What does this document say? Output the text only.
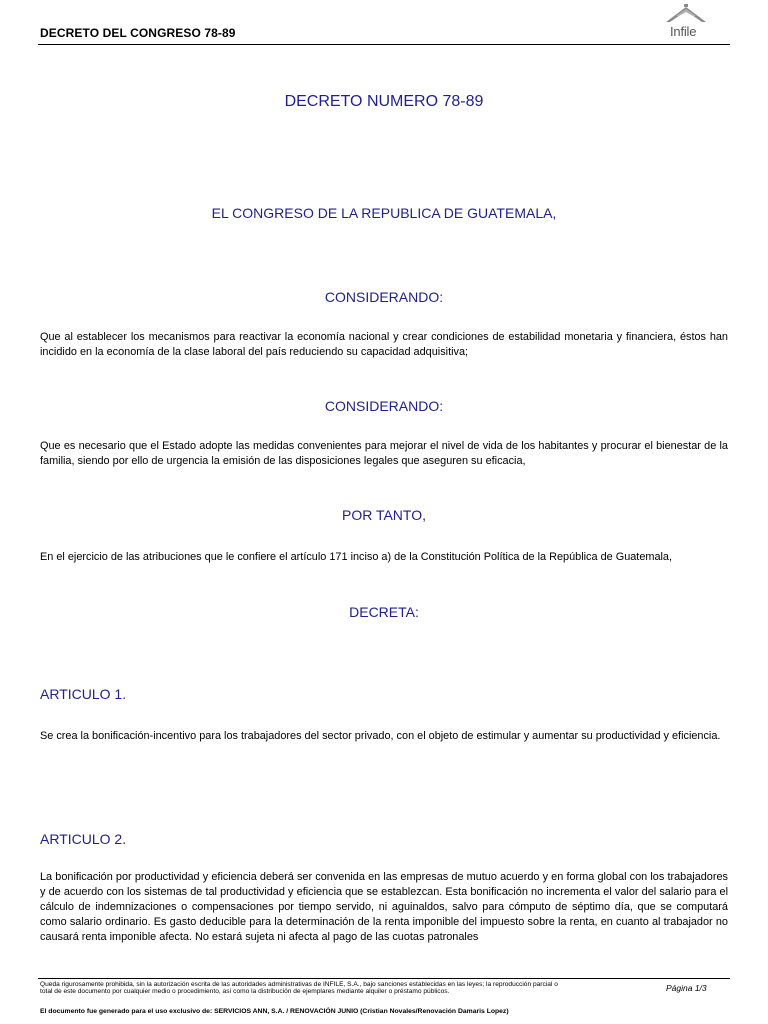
DECRETO DEL CONGRESO 78-89	Infile
DECRETO NUMERO 78-89
EL CONGRESO DE LA REPUBLICA DE GUATEMALA,
CONSIDERANDO:

Que al establecer los mecanismos para reactivar la economía nacional y crear condiciones de estabilidad monetaria y financiera, éstos han incidido en la economía de la clase laboral del país reduciendo su capacidad adquisitiva;

CONSIDERANDO:

Que es necesario que el Estado adopte las medidas convenientes para mejorar el nivel de vida de los habitantes y procurar el bienestar de la familia, siendo por ello de urgencia la emisión de las disposiciones legales que aseguren su eficacia,

POR TANTO,

En el ejercicio de las atribuciones que le confiere el artículo 171 inciso a) de la Constitución Política de la República de Guatemala,

DECRETA:
ARTICULO 1.

Se crea la bonificación-incentivo para los trabajadores del sector privado, con el objeto de estimular y aumentar su productividad y eficiencia.

ARTICULO 2.

La bonificación por productividad y eficiencia deberá ser convenida en las empresas de mutuo acuerdo y en forma global con los trabajadores y de acuerdo con los sistemas de tal productividad y eficiencia que se establezcan. Esta bonificación no incrementa el valor del salario para el cálculo de indemnizaciones o compensaciones por tiempo servido, ni aguinaldos, salvo para cómputo de séptimo día, que se computará como salario ordinario. Es gasto deducible para la determinación de la renta imponible del impuesto sobre la renta, en cuanto al trabajador no causará renta imponible afecta. No estará sujeta ni afecta al pago de las cuotas patronales

Queda rigurosamente prohibida, sin la autorización escrita de las autoridades administrativas de INFILE, S.A., bajo sanciones establecidas en las leyes; la reproducción parcial o total de este documento por cualquier medio o procedimiento, así como la distribución de ejemplares mediante alquiler o préstamo públicos.	Página 1/3
El documento fue generado para el uso exclusivo de: SERVICIOS ANN, S.A. / RENOVACIÓN JUNIO (Cristian Novales/Renovación Damaris Lopez)
